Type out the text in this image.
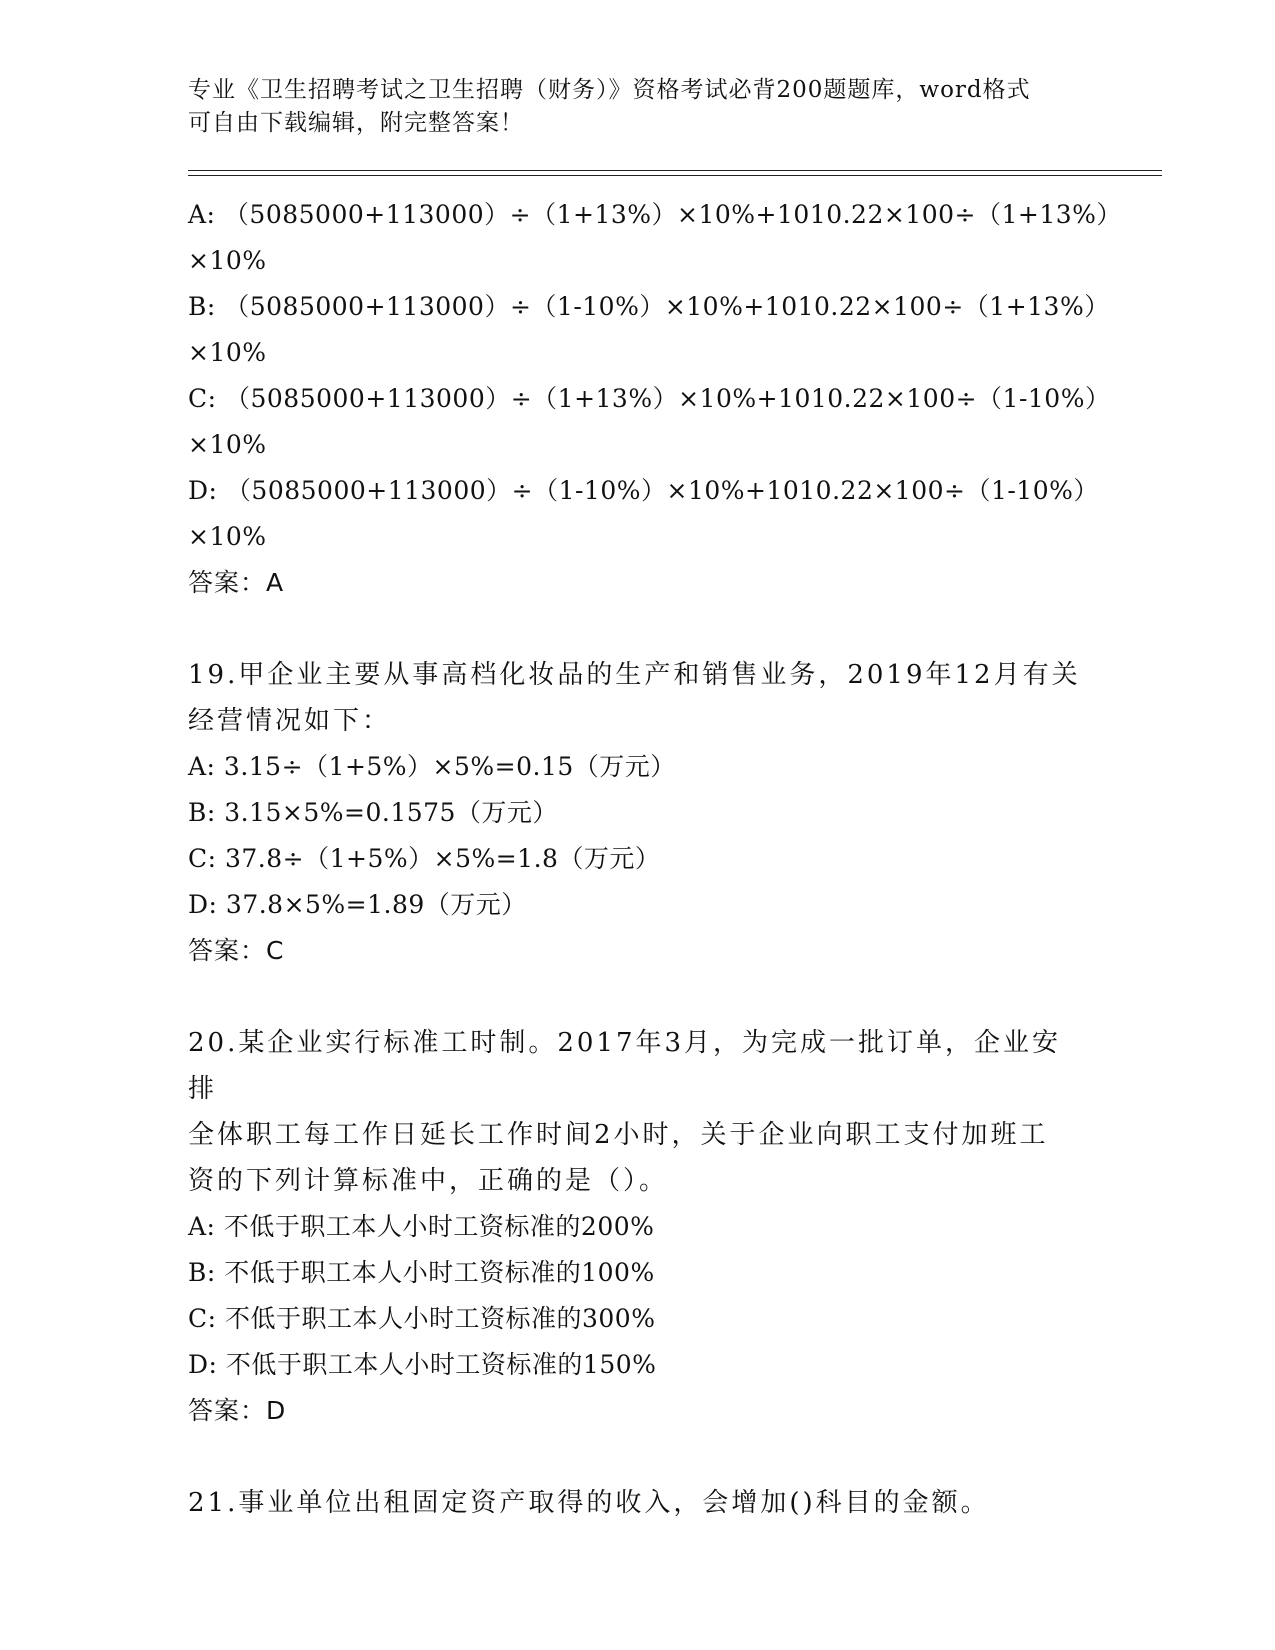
专业《卫生招聘考试之卫生招聘（财务）》资格考试必背200题题库，word格式
可自由下载编辑，附完整答案！
A: （5085000+113000）÷（1+13%）×10%+1010.22×100÷（1+13%）
×10%
B: （5085000+113000）÷（1-10%）×10%+1010.22×100÷（1+13%）
×10%
C: （5085000+113000）÷（1+13%）×10%+1010.22×100÷（1-10%）
×10%
D: （5085000+113000）÷（1-10%）×10%+1010.22×100÷（1-10%）
×10%
答案：A
19.甲企业主要从事高档化妆品的生产和销售业务，2019年12月有关
经营情况如下：
A: 3.15÷（1+5%）×5%=0.15（万元）
B: 3.15×5%=0.1575（万元）
C: 37.8÷（1+5%）×5%=1.8（万元）
D: 37.8×5%=1.89（万元）
答案：C
20.某企业实行标准工时制。2017年3月，为完成一批订单，企业安排
全体职工每工作日延长工作时间2小时，关于企业向职工支付加班工
资的下列计算标准中，正确的是（）。
A: 不低于职工本人小时工资标准的200%
B: 不低于职工本人小时工资标准的100%
C: 不低于职工本人小时工资标准的300%
D: 不低于职工本人小时工资标准的150%
答案：D
21.事业单位出租固定资产取得的收入，会增加()科目的金额。
